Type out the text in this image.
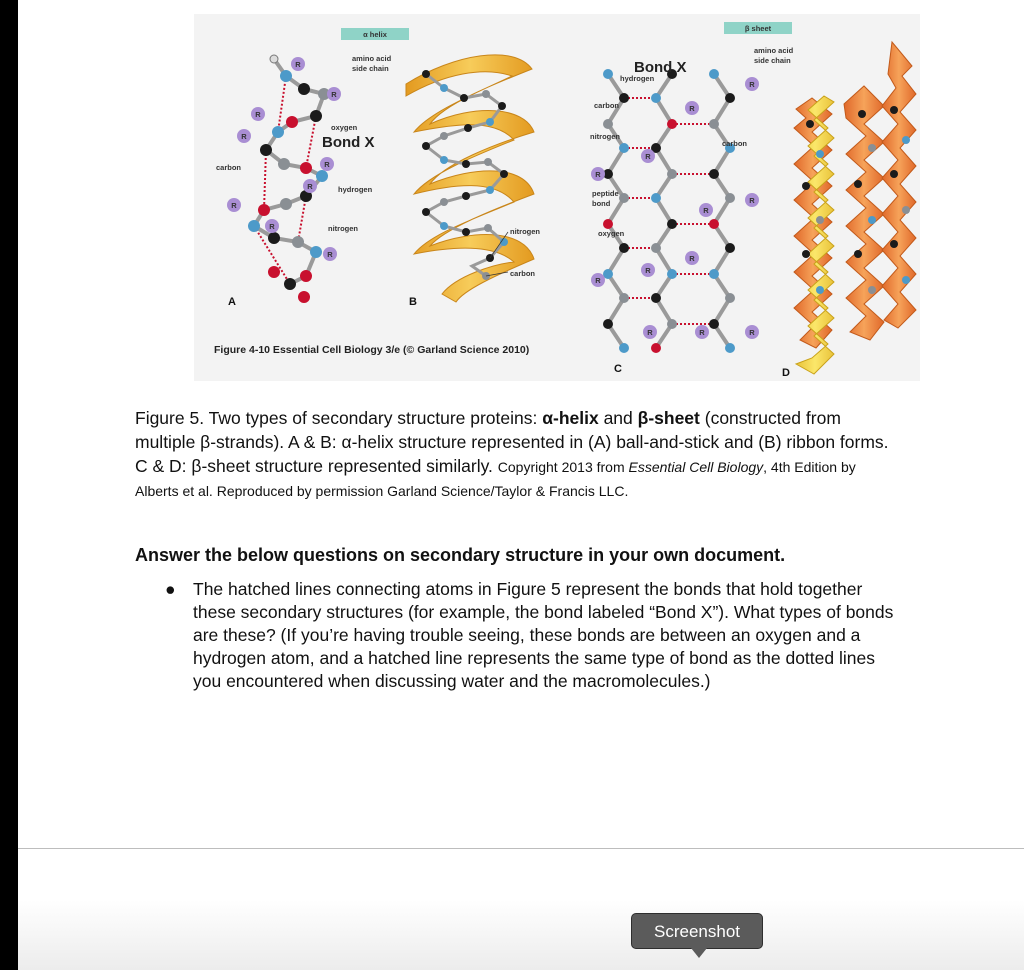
α helix
R
R
R
R
R
R
R
R
R
amino acid
side chain
oxygen
Bond X
carbon
hydrogen
nitrogen
A
nitrogen
carbon
B
Figure 4-10 Essential Cell Biology 3/e (© Garland Science 2010)
R
R
R
R
R
R
R
R
R
R	R	R
Bond X
hydrogen
carbon
nitrogen
carbon
peptide
bond
oxygen
C
β sheet
amino acid
side chain
D
Figure 5. Two types of secondary structure proteins: α-helix and β-sheet (constructed from multiple β-strands). A & B: α-helix structure represented in (A) ball-and-stick and (B) ribbon forms. C & D: β-sheet structure represented similarly. Copyright 2013 from Essential Cell Biology, 4th Edition by Alberts et al. Reproduced by permission Garland Science/Taylor & Francis LLC.
Answer the below questions on secondary structure in your own document.
● The hatched lines connecting atoms in Figure 5 represent the bonds that hold together these secondary structures (for example, the bond labeled “Bond X”). What types of bonds are these? (If you’re having trouble seeing, these bonds are between an oxygen and a hydrogen atom, and a hatched line represents the same type of bond as the dotted lines you encountered when discussing water and the macromolecules.)
Screenshot
